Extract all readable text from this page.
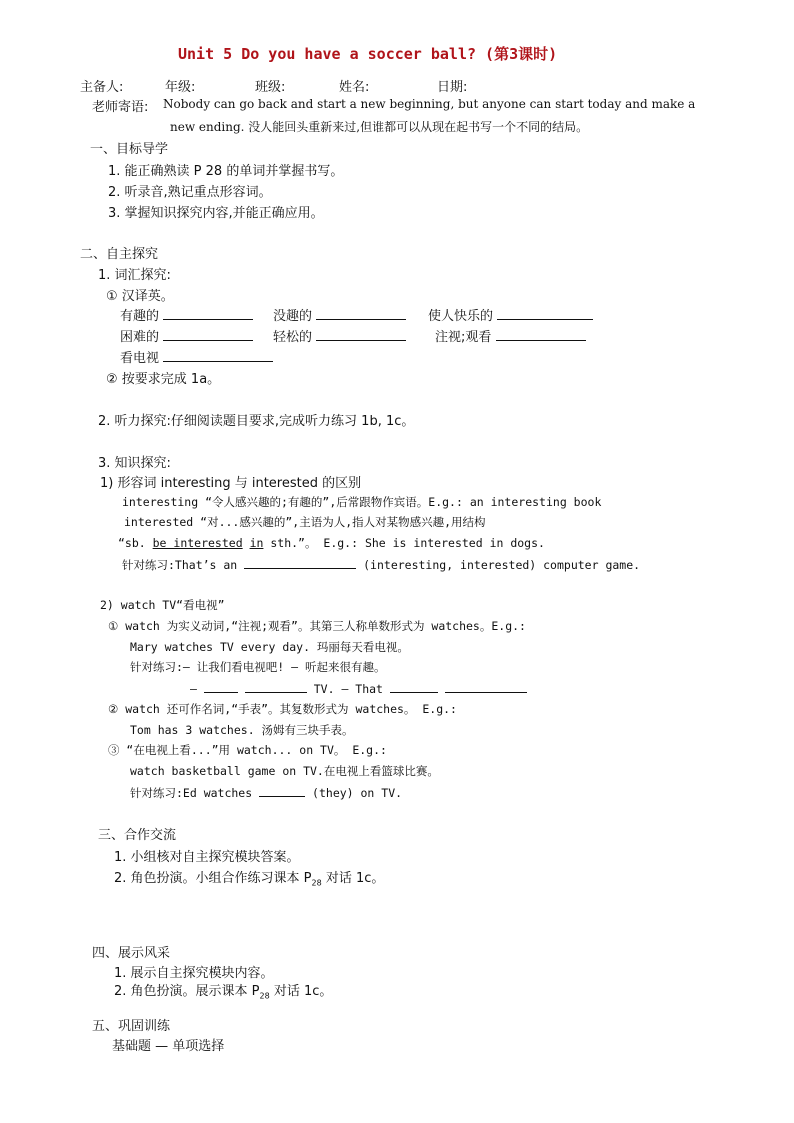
Unit 5 Do you have a soccer ball? (第3课时)
主备人:	年级:	班级:	姓名:	日期:
老师寄语: Nobody can go back and start a new beginning, but anyone can start today and make a
new ending. 没人能回头重新来过,但谁都可以从现在起书写一个不同的结局。
一、目标导学
1. 能正确熟读 P 28 的单词并掌握书写。
2. 听录音,熟记重点形容词。
3. 掌握知识探究内容,并能正确应用。
二、自主探究
1. 词汇探究:
① 汉译英。
有趣的	没趣的	使人快乐的
困难的	轻松的	注视;观看
看电视
② 按要求完成 1a。
2. 听力探究:仔细阅读题目要求,完成听力练习 1b, 1c。
3. 知识探究:
1) 形容词 interesting 与 interested 的区别
interesting “令人感兴趣的;有趣的”,后常跟物作宾语。E.g.: an interesting book
interested “对...感兴趣的”,主语为人,指人对某物感兴趣,用结构
“sb. be interested in sth.”。 E.g.: She is interested in dogs.
针对练习:That’s an	(interesting, interested) computer game.
2) watch TV“看电视”
① watch 为实义动词,“注视;观看”。其第三人称单数形式为 watches。E.g.:
Mary watches TV every day. 玛丽每天看电视。
针对练习:— 让我们看电视吧! — 听起来很有趣。
—	TV. — That
② watch 还可作名词,“手表”。其复数形式为 watches。 E.g.:
Tom has 3 watches. 汤姆有三块手表。
③ “在电视上看...”用 watch... on TV。 E.g.:
watch basketball game on TV.在电视上看篮球比赛。
针对练习:Ed watches	(they) on TV.
三、合作交流
1. 小组核对自主探究模块答案。
2. 角色扮演。小组合作练习课本 $P_{28}$ 对话 1c。
四、展示风采
1. 展示自主探究模块内容。
2. 角色扮演。展示课本 $P_{28}$ 对话 1c。
五、巩固训练
基础题 — 单项选择
